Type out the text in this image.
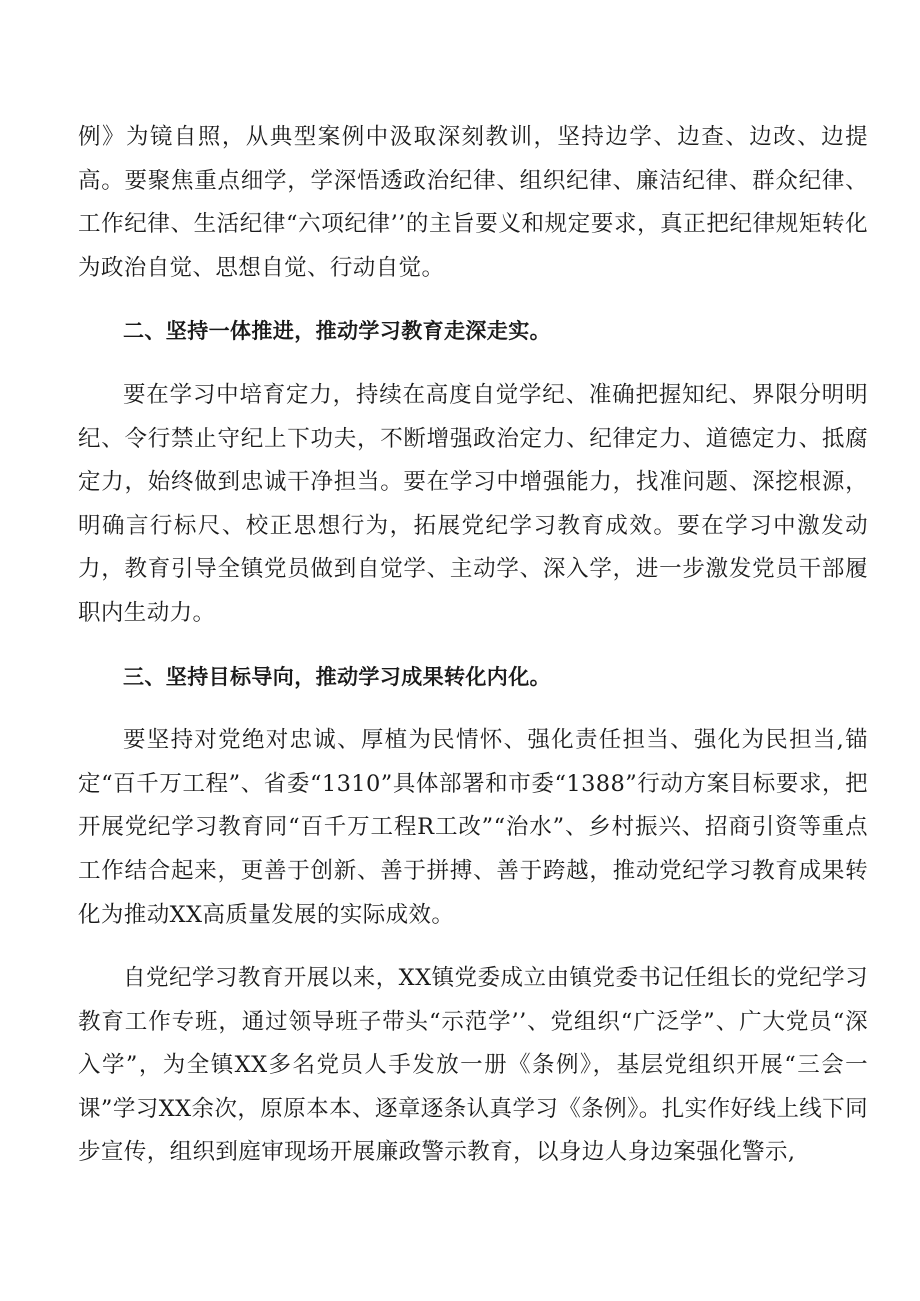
例》为镜自照，从典型案例中汲取深刻教训，坚持边学、边查、边改、边提高。要聚焦重点细学，学深悟透政治纪律、组织纪律、廉洁纪律、群众纪律、工作纪律、生活纪律“六项纪律’’的主旨要义和规定要求，真正把纪律规矩转化为政治自觉、思想自觉、行动自觉。

二、坚持一体推进，推动学习教育走深走实。

要在学习中培育定力，持续在高度自觉学纪、准确把握知纪、界限分明明纪、令行禁止守纪上下功夫，不断增强政治定力、纪律定力、道德定力、抵腐定力，始终做到忠诚干净担当。要在学习中增强能力，找准问题、深挖根源，明确言行标尺、校正思想行为，拓展党纪学习教育成效。要在学习中激发动力，教育引导全镇党员做到自觉学、主动学、深入学，进一步激发党员干部履职内生动力。

三、坚持目标导向，推动学习成果转化内化。

要坚持对党绝对忠诚、厚植为民情怀、强化责任担当、强化为民担当,锚定“百千万工程”、省委“1310”具体部署和市委“1388”行动方案目标要求，把开展党纪学习教育同“百千万工程R工改”“治水”、乡村振兴、招商引资等重点工作结合起来，更善于创新、善于拼搏、善于跨越，推动党纪学习教育成果转化为推动XX高质量发展的实际成效。

自党纪学习教育开展以来，XX镇党委成立由镇党委书记任组长的党纪学习教育工作专班，通过领导班子带头“示范学’’、党组织“广泛学”、广大党员“深入学”，为全镇XX多名党员人手发放一册《条例》，基层党组织开展“三会一课”学习XX余次，原原本本、逐章逐条认真学习《条例》。扎实作好线上线下同步宣传，组织到庭审现场开展廉政警示教育，以身边人身边案强化警示,
